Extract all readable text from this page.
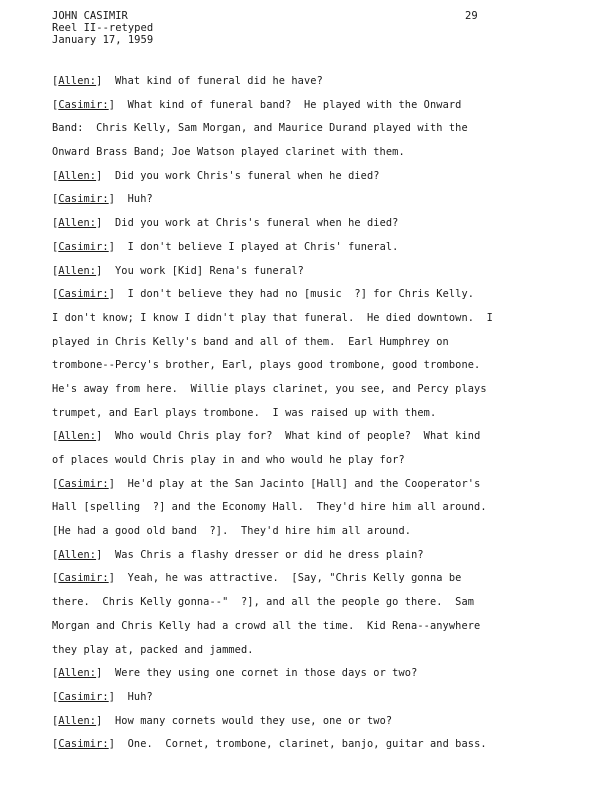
JOHN CASIMIR
Reel II--retyped
January 17, 1959
29
[Allen:]  What kind of funeral did he have?
[Casimir:]  What kind of funeral band?  He played with the Onward
Band:  Chris Kelly, Sam Morgan, and Maurice Durand played with the
Onward Brass Band; Joe Watson played clarinet with them.
[Allen:]  Did you work Chris's funeral when he died?
[Casimir:]  Huh?
[Allen:]  Did you work at Chris's funeral when he died?
[Casimir:]  I don't believe I played at Chris' funeral.
[Allen:]  You work [Kid] Rena's funeral?
[Casimir:]  I don't believe they had no [music  ?] for Chris Kelly.
I don't know; I know I didn't play that funeral.  He died downtown.  I
played in Chris Kelly's band and all of them.  Earl Humphrey on
trombone--Percy's brother, Earl, plays good trombone, good trombone.
He's away from here.  Willie plays clarinet, you see, and Percy plays
trumpet, and Earl plays trombone.  I was raised up with them.
[Allen:]  Who would Chris play for?  What kind of people?  What kind
of places would Chris play in and who would he play for?
[Casimir:]  He'd play at the San Jacinto [Hall] and the Cooperator's
Hall [spelling  ?] and the Economy Hall.  They'd hire him all around.
[He had a good old band  ?].  They'd hire him all around.
[Allen:]  Was Chris a flashy dresser or did he dress plain?
[Casimir:]  Yeah, he was attractive.  [Say, "Chris Kelly gonna be
there.  Chris Kelly gonna--"  ?], and all the people go there.  Sam
Morgan and Chris Kelly had a crowd all the time.  Kid Rena--anywhere
they play at, packed and jammed.
[Allen:]  Were they using one cornet in those days or two?
[Casimir:]  Huh?
[Allen:]  How many cornets would they use, one or two?
[Casimir:]  One.  Cornet, trombone, clarinet, banjo, guitar and bass.
